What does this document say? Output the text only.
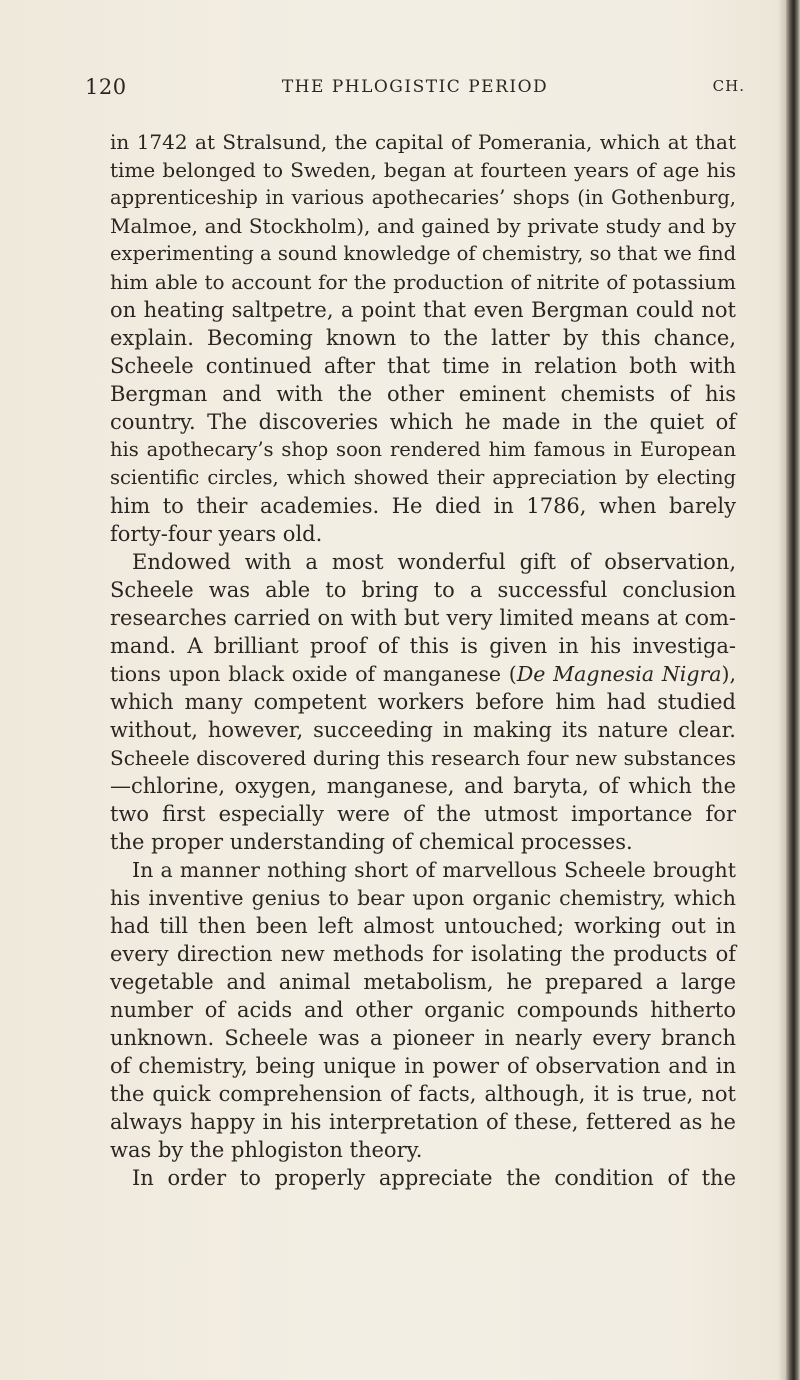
120	THE PHLOGISTIC PERIOD	CH.
in 1742 at Stralsund, the capital of Pomerania, which at that
time belonged to Sweden, began at fourteen years of age his
apprenticeship in various apothecaries’ shops (in Gothenburg,
Malmoe, and Stockholm), and gained by private study and by
experimenting a sound knowledge of chemistry, so that we find
him able to account for the production of nitrite of potassium
on heating saltpetre, a point that even Bergman could not
explain. Becoming known to the latter by this chance,
Scheele continued after that time in relation both with
Bergman and with the other eminent chemists of his
country. The discoveries which he made in the quiet of
his apothecary’s shop soon rendered him famous in European
scientific circles, which showed their appreciation by electing
him to their academies. He died in 1786, when barely
forty-four years old.
Endowed with a most wonderful gift of observation,
Scheele was able to bring to a successful conclusion
researches carried on with but very limited means at com-
mand. A brilliant proof of this is given in his investiga-
tions upon black oxide of manganese (De Magnesia Nigra),
which many competent workers before him had studied
without, however, succeeding in making its nature clear.
Scheele discovered during this research four new substances
—chlorine, oxygen, manganese, and baryta, of which the
two first especially were of the utmost importance for
the proper understanding of chemical processes.
In a manner nothing short of marvellous Scheele brought
his inventive genius to bear upon organic chemistry, which
had till then been left almost untouched; working out in
every direction new methods for isolating the products of
vegetable and animal metabolism, he prepared a large
number of acids and other organic compounds hitherto
unknown. Scheele was a pioneer in nearly every branch
of chemistry, being unique in power of observation and in
the quick comprehension of facts, although, it is true, not
always happy in his interpretation of these, fettered as he
was by the phlogiston theory.
In order to properly appreciate the condition of the
